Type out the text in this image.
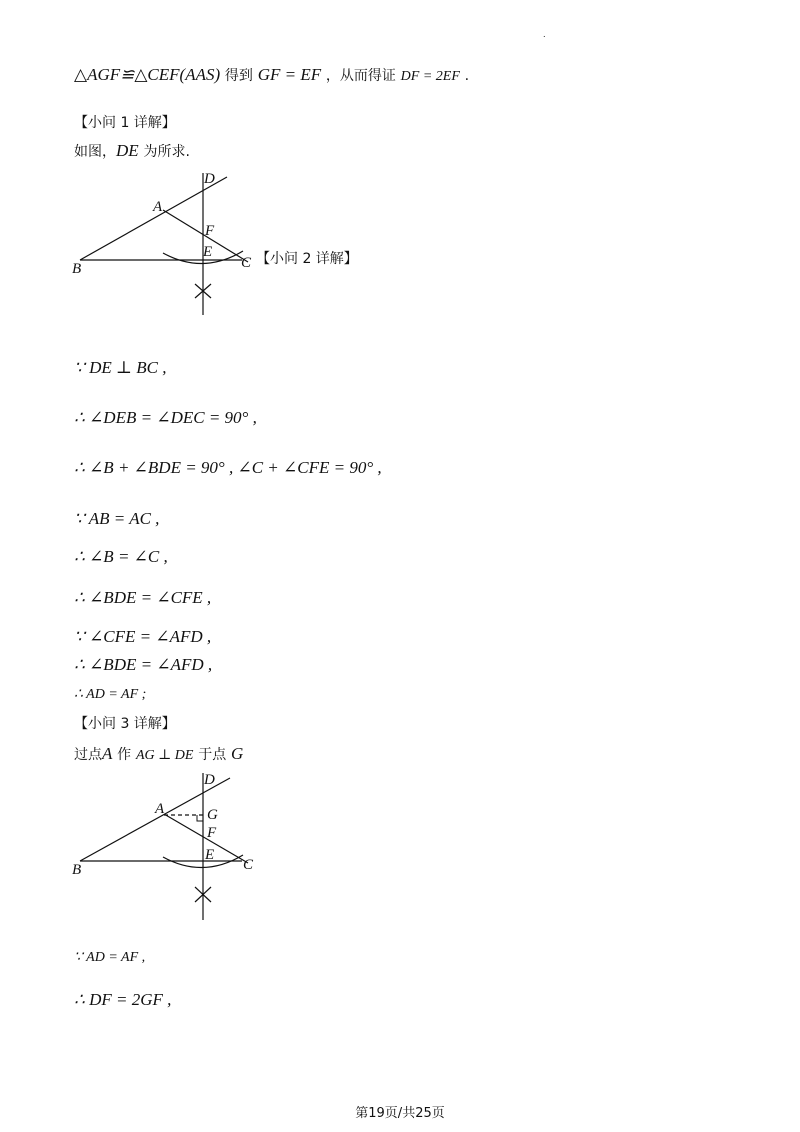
.
△AGF≌△CEF(AAS) 得到 GF = EF ，从而得证 DF = 2EF .
【小问 1 详解】
如图，DE 为所求.
D
A
F
E
C
B
【小问 2 详解】
∵ DE ⊥ BC ,
∴ ∠DEB = ∠DEC = 90° ,
∴ ∠B + ∠BDE = 90° , ∠C + ∠CFE = 90° ,
∵ AB = AC ,
∴ ∠B = ∠C ,
∴ ∠BDE = ∠CFE ,
∵ ∠CFE = ∠AFD ,
∴ ∠BDE = ∠AFD ,
∴ AD = AF ;
【小问 3 详解】
过点A 作 AG ⊥ DE 于点 G
D
A	G
F
E
C
B
∵ AD = AF ,
∴ DF = 2GF ,
第19页/共25页
